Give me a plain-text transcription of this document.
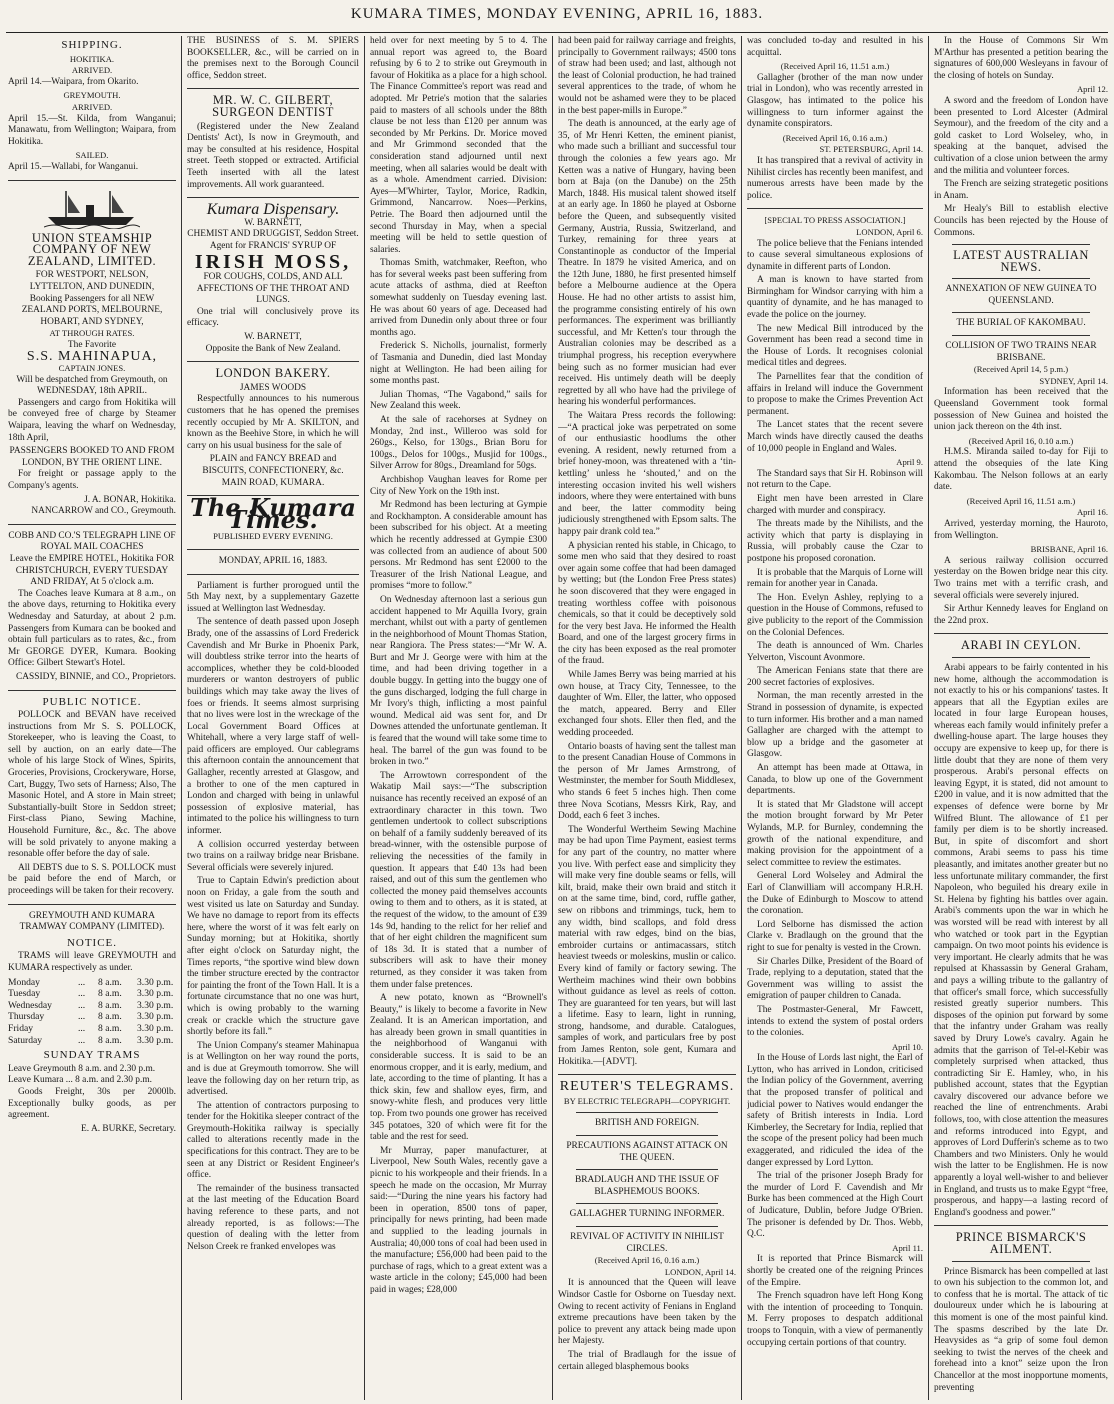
KUMARA TIMES, MONDAY EVENING, APRIL 16, 1883.
SHIPPING.
HOKITIKA.
ARRIVED.

April 14.—Waipara, from Okarito.

GREYMOUTH.
ARRIVED.

April 15.—St. Kilda, from Wanganui; Manawatu, from Wellington; Waipara, from Hokitika.

SAILED.

April 15.—Wallabi, for Wanganui.

UNION STEAMSHIP COMPANY OF NEW ZEALAND, LIMITED.
FOR WESTPORT, NELSON, LYTTELTON, AND DUNEDIN,
Booking Passengers for all NEW ZEALAND PORTS, MELBOURNE, HOBART, AND SYDNEY,
AT THROUGH RATES.
The Favorite
S.S. MAHINAPUA,
CAPTAIN JONES.
Will be despatched from Greymouth, on
WEDNESDAY, 18th APRIL.

Passengers and cargo from Hokitika will be conveyed free of charge by Steamer Waipara, leaving the wharf on Wednesday, 18th April,

PASSENGERS BOOKED TO AND FROM LONDON, BY THE ORIENT LINE.

For freight or passage apply to the Company's agents.

J. A. BONAR, Hokitika.
NANCARROW and CO., Greymouth.
COBB AND CO.'S TELEGRAPH LINE OF ROYAL MAIL COACHES
Leave the EMPIRE HOTEL, Hokitika FOR CHRISTCHURCH, EVERY TUESDAY AND FRIDAY, At 5 o'clock a.m.

The Coaches leave Kumara at 8 a.m., on the above days, returning to Hokitika every Wednesday and Saturday, at about 2 p.m. Passengers from Kumara can be booked and obtain full particulars as to rates, &c., from Mr GEORGE DYER, Kumara. Booking Office: Gilbert Stewart's Hotel.

CASSIDY, BINNIE, and CO., Proprietors.
PUBLIC NOTICE.

POLLOCK and BEVAN have received instructions from Mr S. S. POLLOCK, Storekeeper, who is leaving the Coast, to sell by auction, on an early date—The whole of his large Stock of Wines, Spirits, Groceries, Provisions, Crockeryware, Horse, Cart, Buggy, Two sets of Harness; Also, The Masonic Hotel, and A store in Main street; Substantially-built Store in Seddon street; First-class Piano, Sewing Machine, Household Furniture, &c., &c. The above will be sold privately to anyone making a resonable offer before the day of sale.

All DEBTS due to S. S. POLLOCK must be paid before the end of March, or proceedings will be taken for their recovery.

GREYMOUTH AND KUMARA TRAMWAY COMPANY (LIMITED).
NOTICE.

TRAMS will leave GREYMOUTH and KUMARA respectively as under.

Monday	...	8 a.m.	3.30 p.m.
Tuesday	...	8 a.m.	3.30 p.m.
Wednesday	...	8 a.m.	3.30 p.m.
Thursday	...	8 a.m.	3.30 p.m.
Friday	...	8 a.m.	3.30 p.m.
Saturday	...	8 a.m.	3.30 p.m.
SUNDAY TRAMS
Leave Greymouth 8 a.m. and 2.30 p.m.
Leave Kumara ... 8 a.m. and 2.30 p.m.

Goods Freight, 30s per 2000lb. Exceptionally bulky goods, as per agreement.

E. A. BURKE, Secretary.

THE BUSINESS of S. M. SPIERS BOOKSELLER, &c., will be carried on in the premises next to the Borough Council office, Seddon street.

MR. W. C. GILBERT, SURGEON DENTIST

(Registered under the New Zealand Dentists' Act), Is now in Greymouth, and may be consulted at his residence, Hospital street. Teeth stopped or extracted. Artificial Teeth inserted with all the latest improvements. All work guaranteed.

Kumara Dispensary.
W. BARNETT,
CHEMIST AND DRUGGIST, Seddon Street.
Agent for FRANCIS' SYRUP OF
IRISH MOSS,
FOR COUGHS, COLDS, AND ALL AFFECTIONS OF THE THROAT AND LUNGS.

One trial will conclusively prove its efficacy.

W. BARNETT,
Opposite the Bank of New Zealand.
LONDON BAKERY.
JAMES WOODS

Respectfully announces to his numerous customers that he has opened the premises recently occupied by Mr A. SKILTON, and known as the Beehive Store, in which he will carry on his usual business for the sale of

PLAIN and FANCY BREAD and BISCUITS, CONFECTIONERY, &c.
MAIN ROAD, KUMARA.
The Kumara Times.
PUBLISHED EVERY EVENING.
MONDAY, APRIL 16, 1883.

Parliament is further prorogued until the 5th May next, by a supplementary Gazette issued at Wellington last Wednesday.

The sentence of death passed upon Joseph Brady, one of the assassins of Lord Frederick Cavendish and Mr Burke in Phoenix Park, will doubtless strike terror into the hearts of accomplices, whether they be cold-blooded murderers or wanton destroyers of public buildings which may take away the lives of foes or friends. It seems almost surprising that no lives were lost in the wreckage of the Local Government Board Offices at Whitehall, where a very large staff of well-paid officers are employed. Our cablegrams this afternoon contain the announcement that Gallagher, recently arrested at Glasgow, and a brother to one of the men captured in London and charged with being in unlawful possession of explosive material, has intimated to the police his willingness to turn informer.

A collision occurred yesterday between two trains on a railway bridge near Brisbane. Several officials were severely injured.

True to Captain Edwin's prediction about noon on Friday, a gale from the south and west visited us late on Saturday and Sunday. We have no damage to report from its effects here, where the worst of it was felt early on Sunday morning; but at Hokitika, shortly after eight o'clock on Saturday night, the Times reports, “the sportive wind blew down the timber structure erected by the contractor for painting the front of the Town Hall. It is a fortunate circumstance that no one was hurt, which is owing probably to the warning creak or crackle which the structure gave shortly before its fall.”

The Union Company's steamer Mahinapua is at Wellington on her way round the ports, and is due at Greymouth tomorrow. She will leave the following day on her return trip, as advertised.

The attention of contractors purposing to tender for the Hokitika sleeper contract of the Greymouth-Hokitika railway is specially called to alterations recently made in the specifications for this contract. They are to be seen at any District or Resident Engineer's office.

The remainder of the business transacted at the last meeting of the Education Board having reference to these parts, and not already reported, is as follows:—The question of dealing with the letter from Nelson Creek re franked envelopes was

held over for next meeting by 5 to 4. The annual report was agreed to, the Board refusing by 6 to 2 to strike out Greymouth in favour of Hokitika as a place for a high school. The Finance Committee's report was read and adopted. Mr Petrie's motion that the salaries paid to masters of all schools under the 88th clause be not less than £120 per annum was seconded by Mr Perkins. Dr. Morice moved and Mr Grimmond seconded that the consideration stand adjourned until next meeting, when all salaries would be dealt with as a whole. Amendment carried. Division: Ayes—M'Whirter, Taylor, Morice, Radkin, Grimmond, Nancarrow. Noes—Perkins, Petrie. The Board then adjourned until the second Thursday in May, when a special meeting will be held to settle question of salaries.

Thomas Smith, watchmaker, Reefton, who has for several weeks past been suffering from acute attacks of asthma, died at Reefton somewhat suddenly on Tuesday evening last. He was about 60 years of age. Deceased had arrived from Dunedin only about three or four months ago.

Frederick S. Nicholls, journalist, formerly of Tasmania and Dunedin, died last Monday night at Wellington. He had been ailing for some months past.

Julian Thomas, “The Vagabond,” sails for New Zealand this week.

At the sale of racehorses at Sydney on Monday, 2nd inst., Willeroo was sold for 260gs., Kelso, for 130gs., Brian Boru for 100gs., Delos for 100gs., Musjid for 100gs., Silver Arrow for 80gs., Dreamland for 50gs.

Archbishop Vaughan leaves for Rome per City of New York on the 19th inst.

Mr Redmond has been lecturing at Gympie and Rockhampton. A considerable amount has been subscribed for his object. At a meeting which he recently addressed at Gympie £300 was collected from an audience of about 500 persons. Mr Redmond has sent £2000 to the Treasurer of the Irish National League, and promises “more to follow.”

On Wednesday afternoon last a serious gun accident happened to Mr Aquilla Ivory, grain merchant, whilst out with a party of gentlemen in the neighborhood of Mount Thomas Station, near Rangiora. The Press states:—“Mr W. A. Burt and Mr J. George were with him at the time, and had been driving together in a double buggy. In getting into the buggy one of the guns discharged, lodging the full charge in Mr Ivory's thigh, inflicting a most painful wound. Medical aid was sent for, and Dr Downes attended the unfortunate gentleman. It is feared that the wound will take some time to heal. The barrel of the gun was found to be broken in two.”

The Arrowtown correspondent of the Wakatip Mail says:—“The subscription nuisance has recently received an exposé of an extraordinary character in this town. Two gentlemen undertook to collect subscriptions on behalf of a family suddenly bereaved of its bread-winner, with the ostensible purpose of relieving the necessities of the family in question. It appears that £40 13s had been raised, and out of this sum the gentlemen who collected the money paid themselves accounts owing to them and to others, as it is stated, at the request of the widow, to the amount of £39 14s 9d, handing to the relict for her relief and that of her eight children the magnificent sum of 18s 3d. It is stated that a number of subscribers will ask to have their money returned, as they consider it was taken from them under false pretences.

A new potato, known as “Brownell's Beauty,” is likely to become a favorite in New Zealand. It is an American importation, and has already been grown in small quantities in the neighborhood of Wanganui with considerable success. It is said to be an enormous cropper, and it is early, medium, and late, according to the time of planting. It has a thick skin, few and shallow eyes, firm, and snowy-white flesh, and produces very little top. From two pounds one grower has received 345 potatoes, 320 of which were fit for the table and the rest for seed.

Mr Murray, paper manufacturer, at Liverpool, New South Wales, recently gave a picnic to his workpeople and their friends. In a speech he made on the occasion, Mr Murray said:—“During the nine years his factory had been in operation, 8500 tons of paper, principally for news printing, had been made and supplied to the leading journals in Australia; 40,000 tons of coal had been used in the manufacture; £56,000 had been paid to the purchase of rags, which to a great extent was a waste article in the colony; £45,000 had been paid in wages; £28,000

had been paid for railway carriage and freights, principally to Government railways; 4500 tons of straw had been used; and last, although not the least of Colonial production, he had trained several apprentices to the trade, of whom he would not be ashamed were they to be placed in the best paper-mills in Europe.”

The death is announced, at the early age of 35, of Mr Henri Ketten, the eminent pianist, who made such a brilliant and successful tour through the colonies a few years ago. Mr Ketten was a native of Hungary, having been born at Baja (on the Danube) on the 25th March, 1848. His musical talent showed itself at an early age. In 1860 he played at Osborne before the Queen, and subsequently visited Germany, Austria, Russia, Switzerland, and Turkey, remaining for three years at Constantinople as conductor of the Imperial Theatre. In 1879 he visited America, and on the 12th June, 1880, he first presented himself before a Melbourne audience at the Opera House. He had no other artists to assist him, the programme consisting entirely of his own performances. The experiment was brilliantly successful, and Mr Ketten's tour through the Australian colonies may be described as a triumphal progress, his reception everywhere being such as no former musician had ever received. His untimely death will be deeply regretted by all who have had the privilege of hearing his wonderful performances.

The Waitara Press records the following:—“A practical joke was perpetrated on some of our enthusiastic hoodlums the other evening. A resident, newly returned from a brief honey-moon, was threatened with a ‘tin-kettling’ unless he ‘shouted,’ and on the interesting occasion invited his well wishers indoors, where they were entertained with buns and beer, the latter commodity being judiciously strengthened with Epsom salts. The happy pair drank cold tea.”

A physician rented his stable, in Chicago, to some men who said that they desired to roast over again some coffee that had been damaged by wetting; but (the London Free Press states) he soon discovered that they were engaged in treating worthless coffee with poisonous chemicals, so that it could be deceptively sold for the very best Java. He informed the Health Board, and one of the largest grocery firms in the city has been exposed as the real promoter of the fraud.

While James Berry was being married at his own house, at Tracy City, Tennessee, to the daughter of Wm. Eller, the latter, who opposed the match, appeared. Berry and Eller exchanged four shots. Eller then fled, and the wedding proceeded.

Ontario boasts of having sent the tallest man to the present Canadian House of Commons in the person of Mr James Armstrong, of Westminster, the member for South Middlesex, who stands 6 feet 5 inches high. Then come three Nova Scotians, Messrs Kirk, Ray, and Dodd, each 6 feet 3 inches.

The Wonderful Wertheim Sewing Machine may be had upon Time Payment, easiest terms for any part of the country, no matter where you live. With perfect ease and simplicity they will make very fine double seams or fells, will kilt, braid, make their own braid and stitch it on at the same time, bind, cord, ruffle gather, sew on ribbons and trimmings, tuck, hem to any width, bind scallops, and fold dress material with raw edges, bind on the bias, embroider curtains or antimacassars, stitch heaviest tweeds or moleskins, muslin or calico. Every kind of family or factory sewing. The Wertheim machines wind their own bobbins without guidance as level as reels of cotton. They are guaranteed for ten years, but will last a lifetime. Easy to learn, light in running, strong, handsome, and durable. Catalogues, samples of work, and particulars free by post from James Renton, sole gent, Kumara and Hokitika.—[ADVT].

REUTER'S TELEGRAMS.
BY ELECTRIC TELEGRAPH—COPYRIGHT.
BRITISH AND FOREIGN.
PRECAUTIONS AGAINST ATTACK ON THE QUEEN.
BRADLAUGH AND THE ISSUE OF BLASPHEMOUS BOOKS.
GALLAGHER TURNING INFORMER.
REVIVAL OF ACTIVITY IN NIHILIST CIRCLES.
(Received April 16, 0.16 a.m.)
LONDON, April 14.

It is announced that the Queen will leave Windsor Castle for Osborne on Tuesday next. Owing to recent activity of Fenians in England extreme precautions have been taken by the police to prevent any attack being made upon her Majesty.

The trial of Bradlaugh for the issue of certain alleged blasphemous books

was concluded to-day and resulted in his acquittal.

(Received April 16, 11.51 a.m.)

Gallagher (brother of the man now under trial in London), who was recently arrested in Glasgow, has intimated to the police his willingness to turn informer against the dynamite conspirators.

(Received April 16, 0.16 a.m.)
ST. PETERSBURG, April 14.

It has transpired that a revival of activity in Nihilist circles has recently been manifest, and numerous arrests have been made by the police.

[SPECIAL TO PRESS ASSOCIATION.]
LONDON, April 6.

The police believe that the Fenians intended to cause several simultaneous explosions of dynamite in different parts of London.

A man is known to have started from Birmingham for Windsor carrying with him a quantity of dynamite, and he has managed to evade the police on the journey.

The new Medical Bill introduced by the Government has been read a second time in the House of Lords. It recognises colonial medical titles and degrees.

The Parnellites fear that the condition of affairs in Ireland will induce the Government to propose to make the Crimes Prevention Act permanent.

The Lancet states that the recent severe March winds have directly caused the deaths of 10,000 people in England and Wales.

April 9.

The Standard says that Sir H. Robinson will not return to the Cape.

Eight men have been arrested in Clare charged with murder and conspiracy.

The threats made by the Nihilists, and the activity which that party is displaying in Russia, will probably cause the Czar to postpone his proposed coronation.

It is probable that the Marquis of Lorne will remain for another year in Canada.

The Hon. Evelyn Ashley, replying to a question in the House of Commons, refused to give publicity to the report of the Commission on the Colonial Defences.

The death is announced of Wm. Charles Yelverton, Viscount Avonmore.

The American Fenians state that there are 200 secret factories of explosives.

Norman, the man recently arrested in the Strand in possession of dynamite, is expected to turn informer. His brother and a man named Gallagher are charged with the attempt to blow up a bridge and the gasometer at Glasgow.

An attempt has been made at Ottawa, in Canada, to blow up one of the Government departments.

It is stated that Mr Gladstone will accept the motion brought forward by Mr Peter Wylands, M.P. for Burnley, condemning the growth of the national expenditure, and making provision for the appointment of a select committee to review the estimates.

General Lord Wolseley and Admiral the Earl of Clanwilliam will accompany H.R.H. the Duke of Edinburgh to Moscow to attend the coronation.

Lord Selborne has dismissed the action Clarke v. Bradlaugh on the ground that the right to sue for penalty is vested in the Crown.

Sir Charles Dilke, President of the Board of Trade, replying to a deputation, stated that the Government was willing to assist the emigration of pauper children to Canada.

The Postmaster-General, Mr Fawcett, intends to extend the system of postal orders to the colonies.

April 10.

In the House of Lords last night, the Earl of Lytton, who has arrived in London, criticised the Indian policy of the Government, averring that the proposed transfer of political and judicial power to Natives would endanger the safety of British interests in India. Lord Kimberley, the Secretary for India, replied that the scope of the present policy had been much exaggerated, and ridiculed the idea of the danger expressed by Lord Lytton.

The trial of the prisoner Joseph Brady for the murder of Lord F. Cavendish and Mr Burke has been commenced at the High Court of Judicature, Dublin, before Judge O'Brien. The prisoner is defended by Dr. Thos. Webb, Q.C.

April 11.

It is reported that Prince Bismarck will shortly be created one of the reigning Princes of the Empire.

The French squadron have left Hong Kong with the intention of proceeding to Tonquin. M. Ferry proposes to despatch additional troops to Tonquin, with a view of permanently occupying certain portions of that country.

In the House of Commons Sir Wm M'Arthur has presented a petition bearing the signatures of 600,000 Wesleyans in favour of the closing of hotels on Sunday.

April 12.

A sword and the freedom of London have been presented to Lord Alcester (Admiral Seymour), and the freedom of the city and a gold casket to Lord Wolseley, who, in speaking at the banquet, advised the cultivation of a close union between the army and the militia and volunteer forces.

The French are seizing strategetic positions in Anam.

Mr Healy's Bill to establish elective Councils has been rejected by the House of Commons.

LATEST AUSTRALIAN NEWS.
ANNEXATION OF NEW GUINEA TO QUEENSLAND.
THE BURIAL OF KAKOMBAU.
COLLISION OF TWO TRAINS NEAR BRISBANE.
(Received April 14, 5 p.m.)
SYDNEY, April 14.

Information has been received that the Queensland Government took formal possession of New Guinea and hoisted the union jack thereon on the 4th inst.

(Received April 16, 0.10 a.m.)

H.M.S. Miranda sailed to-day for Fiji to attend the obsequies of the late King Kakombau. The Nelson follows at an early date.

(Received April 16, 11.51 a.m.)
April 16.

Arrived, yesterday morning, the Hauroto, from Wellington.

BRISBANE, April 16.

A serious railway collision occurred yesterday on the Bowen bridge near this city. Two trains met with a terrific crash, and several officials were severely injured.

Sir Arthur Kennedy leaves for England on the 22nd prox.

ARABI IN CEYLON.

Arabi appears to be fairly contented in his new home, although the accommodation is not exactly to his or his companions' tastes. It appears that all the Egyptian exiles are located in four large European houses, whereas each family would infinitely prefer a dwelling-house apart. The large houses they occupy are expensive to keep up, for there is little doubt that they are none of them very prosperous. Arabi's personal effects on leaving Egypt, it is stated, did not amount to £200 in value, and it is now admitted that the expenses of defence were borne by Mr Wilfred Blunt. The allowance of £1 per family per diem is to be shortly increased. But, in spite of discomfort and short commons, Arabi seems to pass his time pleasantly, and imitates another greater but no less unfortunate military commander, the first Napoleon, who beguiled his dreary exile in St. Helena by fighting his battles over again. Arabi's comments upon the war in which he was worsted will be read with interest by all who watched or took part in the Egyptian campaign. On two moot points his evidence is very important. He clearly admits that he was repulsed at Khassassin by General Graham, and pays a willing tribute to the gallantry of that officer's small force, which successfully resisted greatly superior numbers. This disposes of the opinion put forward by some that the infantry under Graham was really saved by Drury Lowe's cavalry. Again he admits that the garrison of Tel-el-Kebir was completely surprised when attacked, thus contradicting Sir E. Hamley, who, in his published account, states that the Egyptian cavalry discovered our advance before we reached the line of entrenchments. Arabi follows, too, with close attention the measures and reforms introduced into Egypt, and approves of Lord Dufferin's scheme as to two Chambers and two Ministers. Only he would wish the latter to be Englishmen. He is now apparently a loyal well-wisher to and believer in England, and trusts us to make Egypt “free, prosperous, and happy—a lasting record of England's goodness and power.”

PRINCE BISMARCK'S AILMENT.

Prince Bismarck has been compelled at last to own his subjection to the common lot, and to confess that he is mortal. The attack of tic douloureux under which he is labouring at this moment is one of the most painful kind. The spasms described by the late Dr. Heavysides as “a grip of some foul demon seeking to twist the nerves of the cheek and forehead into a knot” seize upon the Iron Chancellor at the most inopportune moments, preventing
